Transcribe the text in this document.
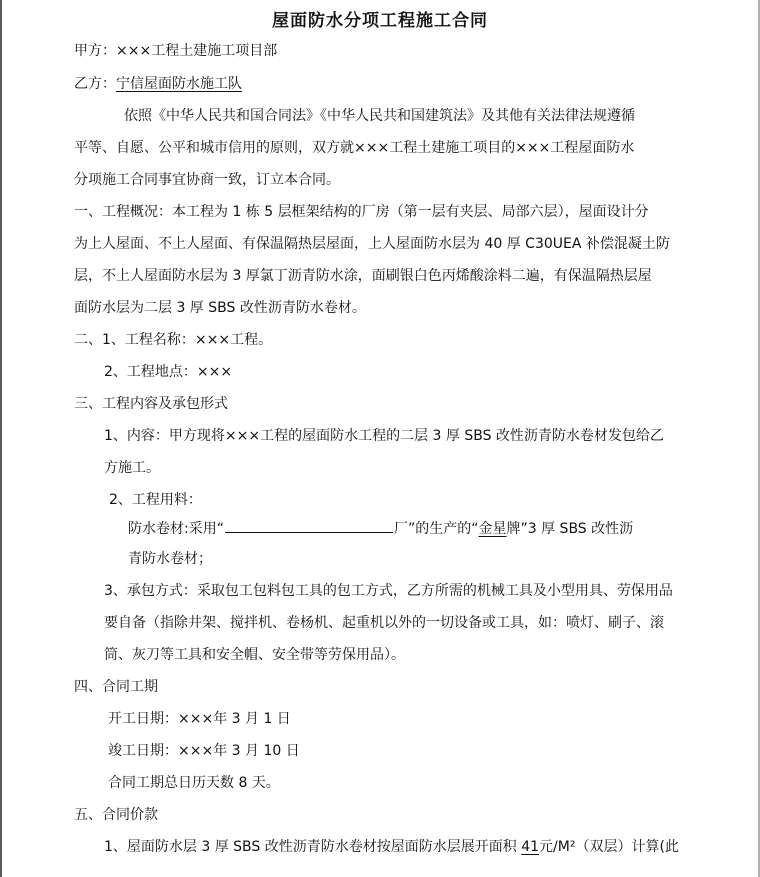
屋面防水分项工程施工合同
甲方：×××工程土建施工项目部
乙方：宁信屋面防水施工队
依照《中华人民共和国合同法》《中华人民共和国建筑法》及其他有关法律法规遵循
平等、自愿、公平和城市信用的原则，双方就×××工程土建施工项目的×××工程屋面防水
分项施工合同事宜协商一致，订立本合同。
一、工程概况：本工程为 1 栋 5 层框架结构的厂房（第一层有夹层、局部六层），屋面设计分
为上人屋面、不上人屋面、有保温隔热层屋面，上人屋面防水层为 40 厚 C30UEA 补偿混凝土防
层，不上人屋面防水层为 3 厚氯丁沥青防水涂，面刷银白色丙烯酸涂料二遍，有保温隔热层屋
面防水层为二层 3 厚 SBS 改性沥青防水卷材。
二、1、工程名称：×××工程。
2、工程地点：×××
三、工程内容及承包形式
1、内容：甲方现将×××工程的屋面防水工程的二层 3 厚 SBS 改性沥青防水卷材发包给乙
方施工。
2、工程用料：
防水卷材:采用“	厂”的生产的“金星牌”3 厚 SBS 改性沥
青防水卷材；
3、承包方式：采取包工包料包工具的包工方式，乙方所需的机械工具及小型用具、劳保用品
要自备（指除井架、搅拌机、卷杨机、起重机以外的一切设备或工具，如：喷灯、刷子、滚
筒、灰刀等工具和安全帽、安全带等劳保用品）。
四、合同工期
开工日期：×××年 3 月 1 日
竣工日期：×××年 3 月 10 日
合同工期总日历天数 8 天。
五、合同价款
1、屋面防水层 3 厚 SBS 改性沥青防水卷材按屋面防水层展开面积 41元/M²（双层）计算(此
